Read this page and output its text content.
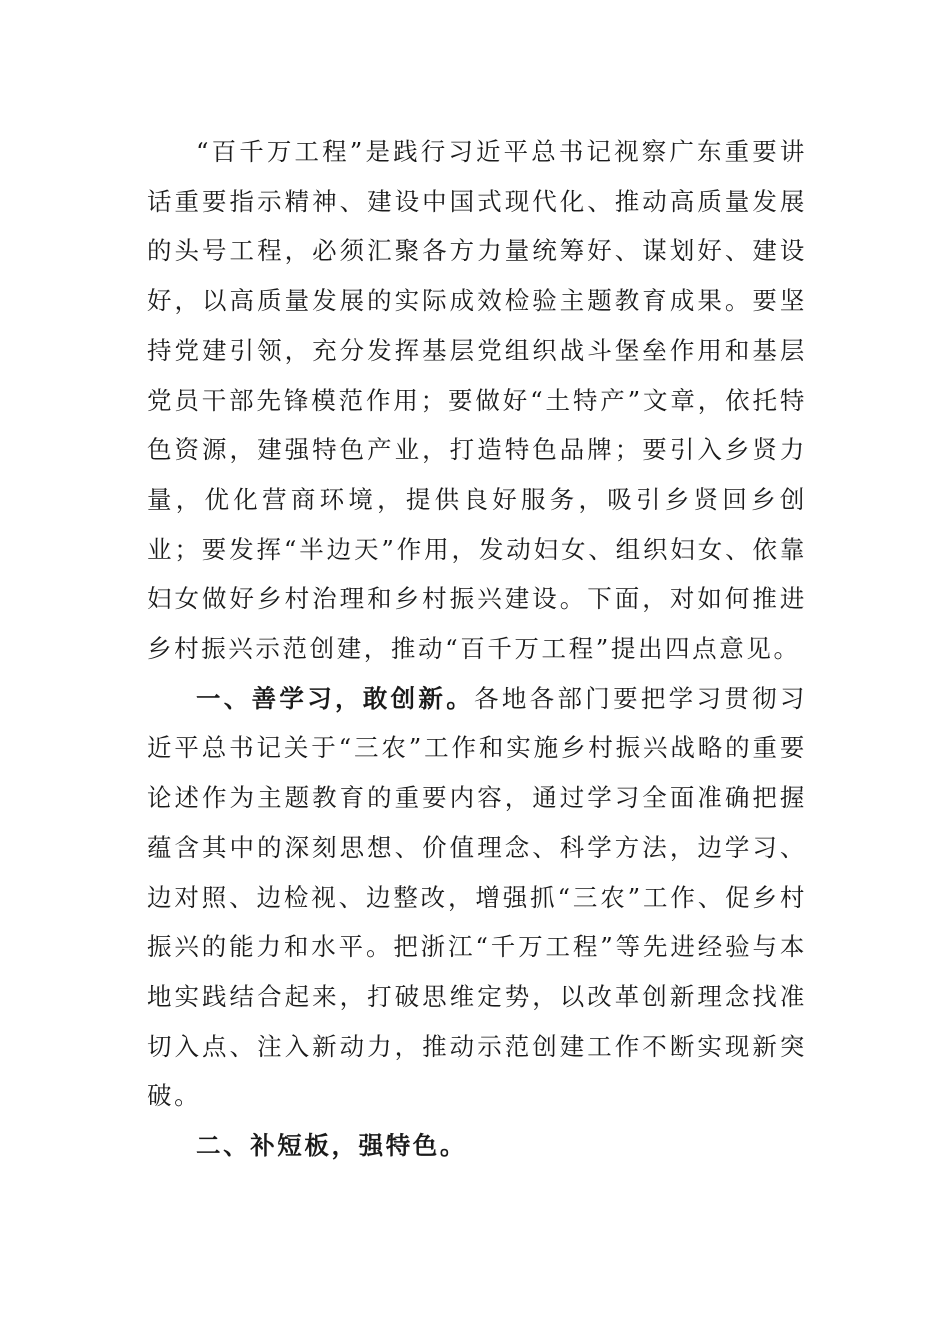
“百千万工程”是践行习近平总书记视察广东重要讲话重要指示精神、建设中国式现代化、推动高质量发展的头号工程，必须汇聚各方力量统筹好、谋划好、建设好，以高质量发展的实际成效检验主题教育成果。要坚持党建引领，充分发挥基层党组织战斗堡垒作用和基层党员干部先锋模范作用；要做好“土特产”文章，依托特色资源，建强特色产业，打造特色品牌；要引入乡贤力量，优化营商环境，提供良好服务，吸引乡贤回乡创业；要发挥“半边天”作用，发动妇女、组织妇女、依靠妇女做好乡村治理和乡村振兴建设。下面，对如何推进乡村振兴示范创建，推动“百千万工程”提出四点意见。

一、善学习，敢创新。各地各部门要把学习贯彻习近平总书记关于“三农”工作和实施乡村振兴战略的重要论述作为主题教育的重要内容，通过学习全面准确把握蕴含其中的深刻思想、价值理念、科学方法，边学习、边对照、边检视、边整改，增强抓“三农”工作、促乡村振兴的能力和水平。把浙江“千万工程”等先进经验与本地实践结合起来，打破思维定势，以改革创新理念找准切入点、注入新动力，推动示范创建工作不断实现新突破。

二、补短板，强特色。
